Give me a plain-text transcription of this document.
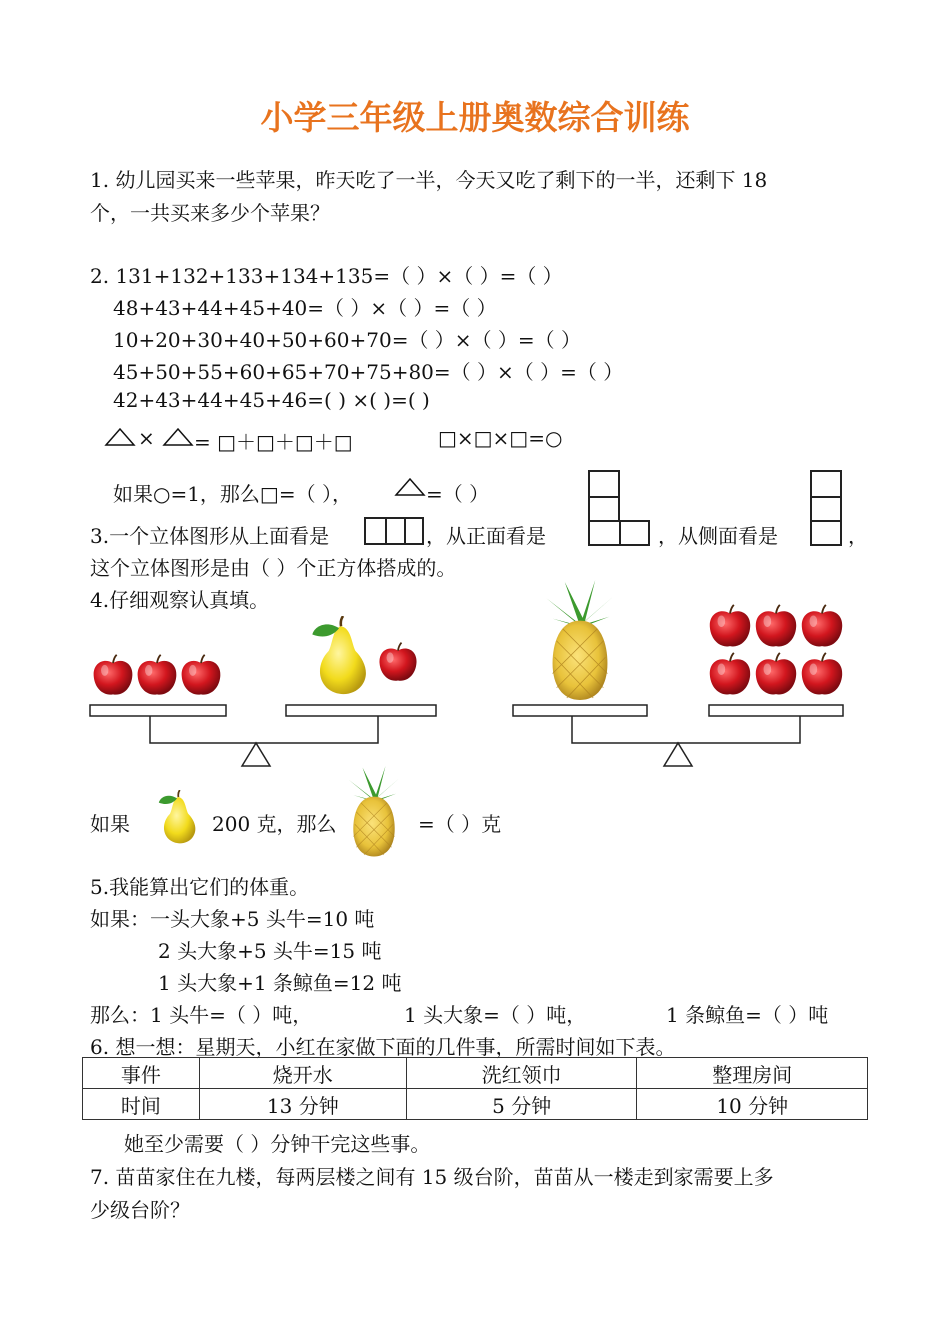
小学三年级上册奥数综合训练
1. 幼儿园买来一些苹果，昨天吃了一半，今天又吃了剩下的一半，还剩下 18
个，一共买来多少个苹果？
2. 131+132+133+134+135=（ ）×（ ）=（ ）
48+43+44+45+40=（ ）×（ ）=（ ）
10+20+30+40+50+60+70=（ ）×（ ）=（ ）
45+50+55+60+65+70+75+80=（ ）×（ ）=（ ）
42+43+44+45+46=( ) ×( )=( )
× = □＋□＋□＋□	□×□×□=○
如果○=1，那么□=（ ），	=（ ）
3.一个立体图形从上面看是	，从正面看是	，从侧面看是	，
这个立体图形是由（ ）个正方体搭成的。
4.仔细观察认真填。
如果	200 克，那么	=（ ）克
5.我能算出它们的体重。
如果：一头大象+5 头牛=10 吨
2 头大象+5 头牛=15 吨
1 头大象+1 条鲸鱼=12 吨
那么：1 头牛=（ ）吨，	1 头大象=（ ）吨，	1 条鲸鱼=（ ）吨
6. 想一想：星期天，小红在家做下面的几件事，所需时间如下表。
事件	烧开水	洗红领巾	整理房间
时间	13 分钟	5 分钟	10 分钟
她至少需要（ ）分钟干完这些事。
7. 苗苗家住在九楼，每两层楼之间有 15 级台阶，苗苗从一楼走到家需要上多
少级台阶？
